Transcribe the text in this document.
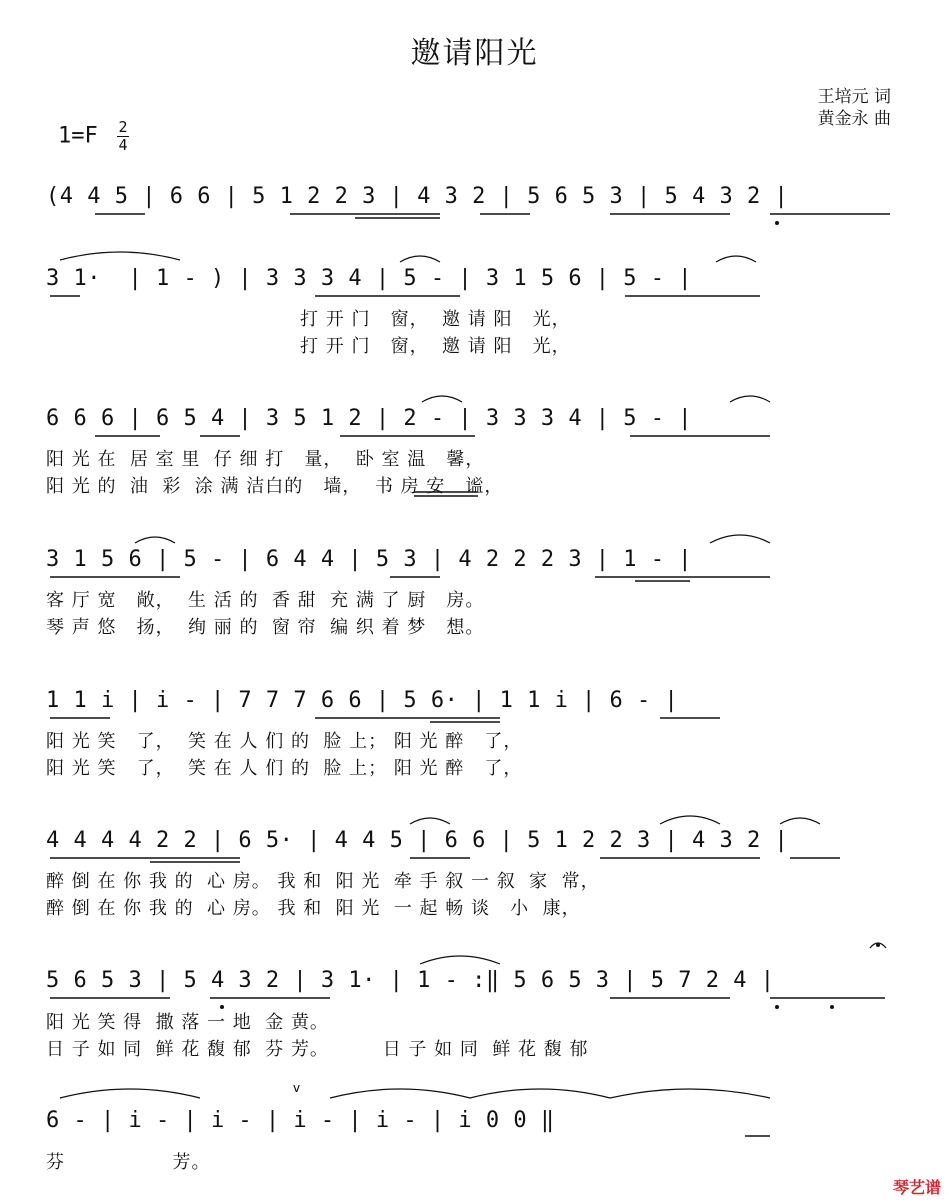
邀请阳光
王培元 词
黄金永 曲
$1=F \frac{2}{4}$
(4 4 5 | 6 6 | 5 1 2 2 3 | 4 3 2 | 5 6 5 3 | 5 4 3 2 |
3 1·  | 1 - ) | 3 3 3 4 | 5 - | 3 1 5 6 | 5 - |
打 开 门   窗，  邀 请 阳   光，
打 开 门   窗，  邀 请 阳   光，
6 6 6 | 6 5 4 | 3 5 1 2 | 2 - | 3 3 3 4 | 5 - |
阳 光 在  居 室 里  仔 细 打   量，  卧 室 温   馨，
阳 光 的  油  彩  涂 满 洁白的   墙，  书 房 安   谧，
3 1 5 6 | 5 - | 6 4 4 | 5 3 | 4 2 2 2 3 | 1 - |
客 厅 宽   敞，  生 活 的  香 甜  充 满 了 厨   房。
琴 声 悠   扬，  绚 丽 的  窗 帘  编 织 着 梦   想。
1 1 i | i - | 7 7 7 6 6 | 5 6· | 1 1 i | 6 - |
阳 光 笑   了，  笑 在 人 们 的  脸 上； 阳 光 醉   了，
阳 光 笑   了，  笑 在 人 们 的  脸 上； 阳 光 醉   了，
4 4 4 4 2 2 | 6 5· | 4 4 5 | 6 6 | 5 1 2 2 3 | 4 3 2 |
醉 倒 在 你 我 的  心 房。 我 和  阳 光  牵 手 叙 一 叙  家  常，
醉 倒 在 你 我 的  心 房。 我 和  阳 光  一 起 畅 谈   小  康，
5 6 5 3 | 5 4 3 2 | 3 1· | 1 - :‖ 5 6 5 3 | 5 7 2 4 |
阳 光 笑 得  撒 落 一 地  金 黄。
日 子 如 同  鲜 花 馥 郁  芬 芳。        日 子 如 同  鲜 花 馥 郁
6 - | i - | i - | i - | i - | i 0 0 ‖
芬                芳。
v
琴艺谱
